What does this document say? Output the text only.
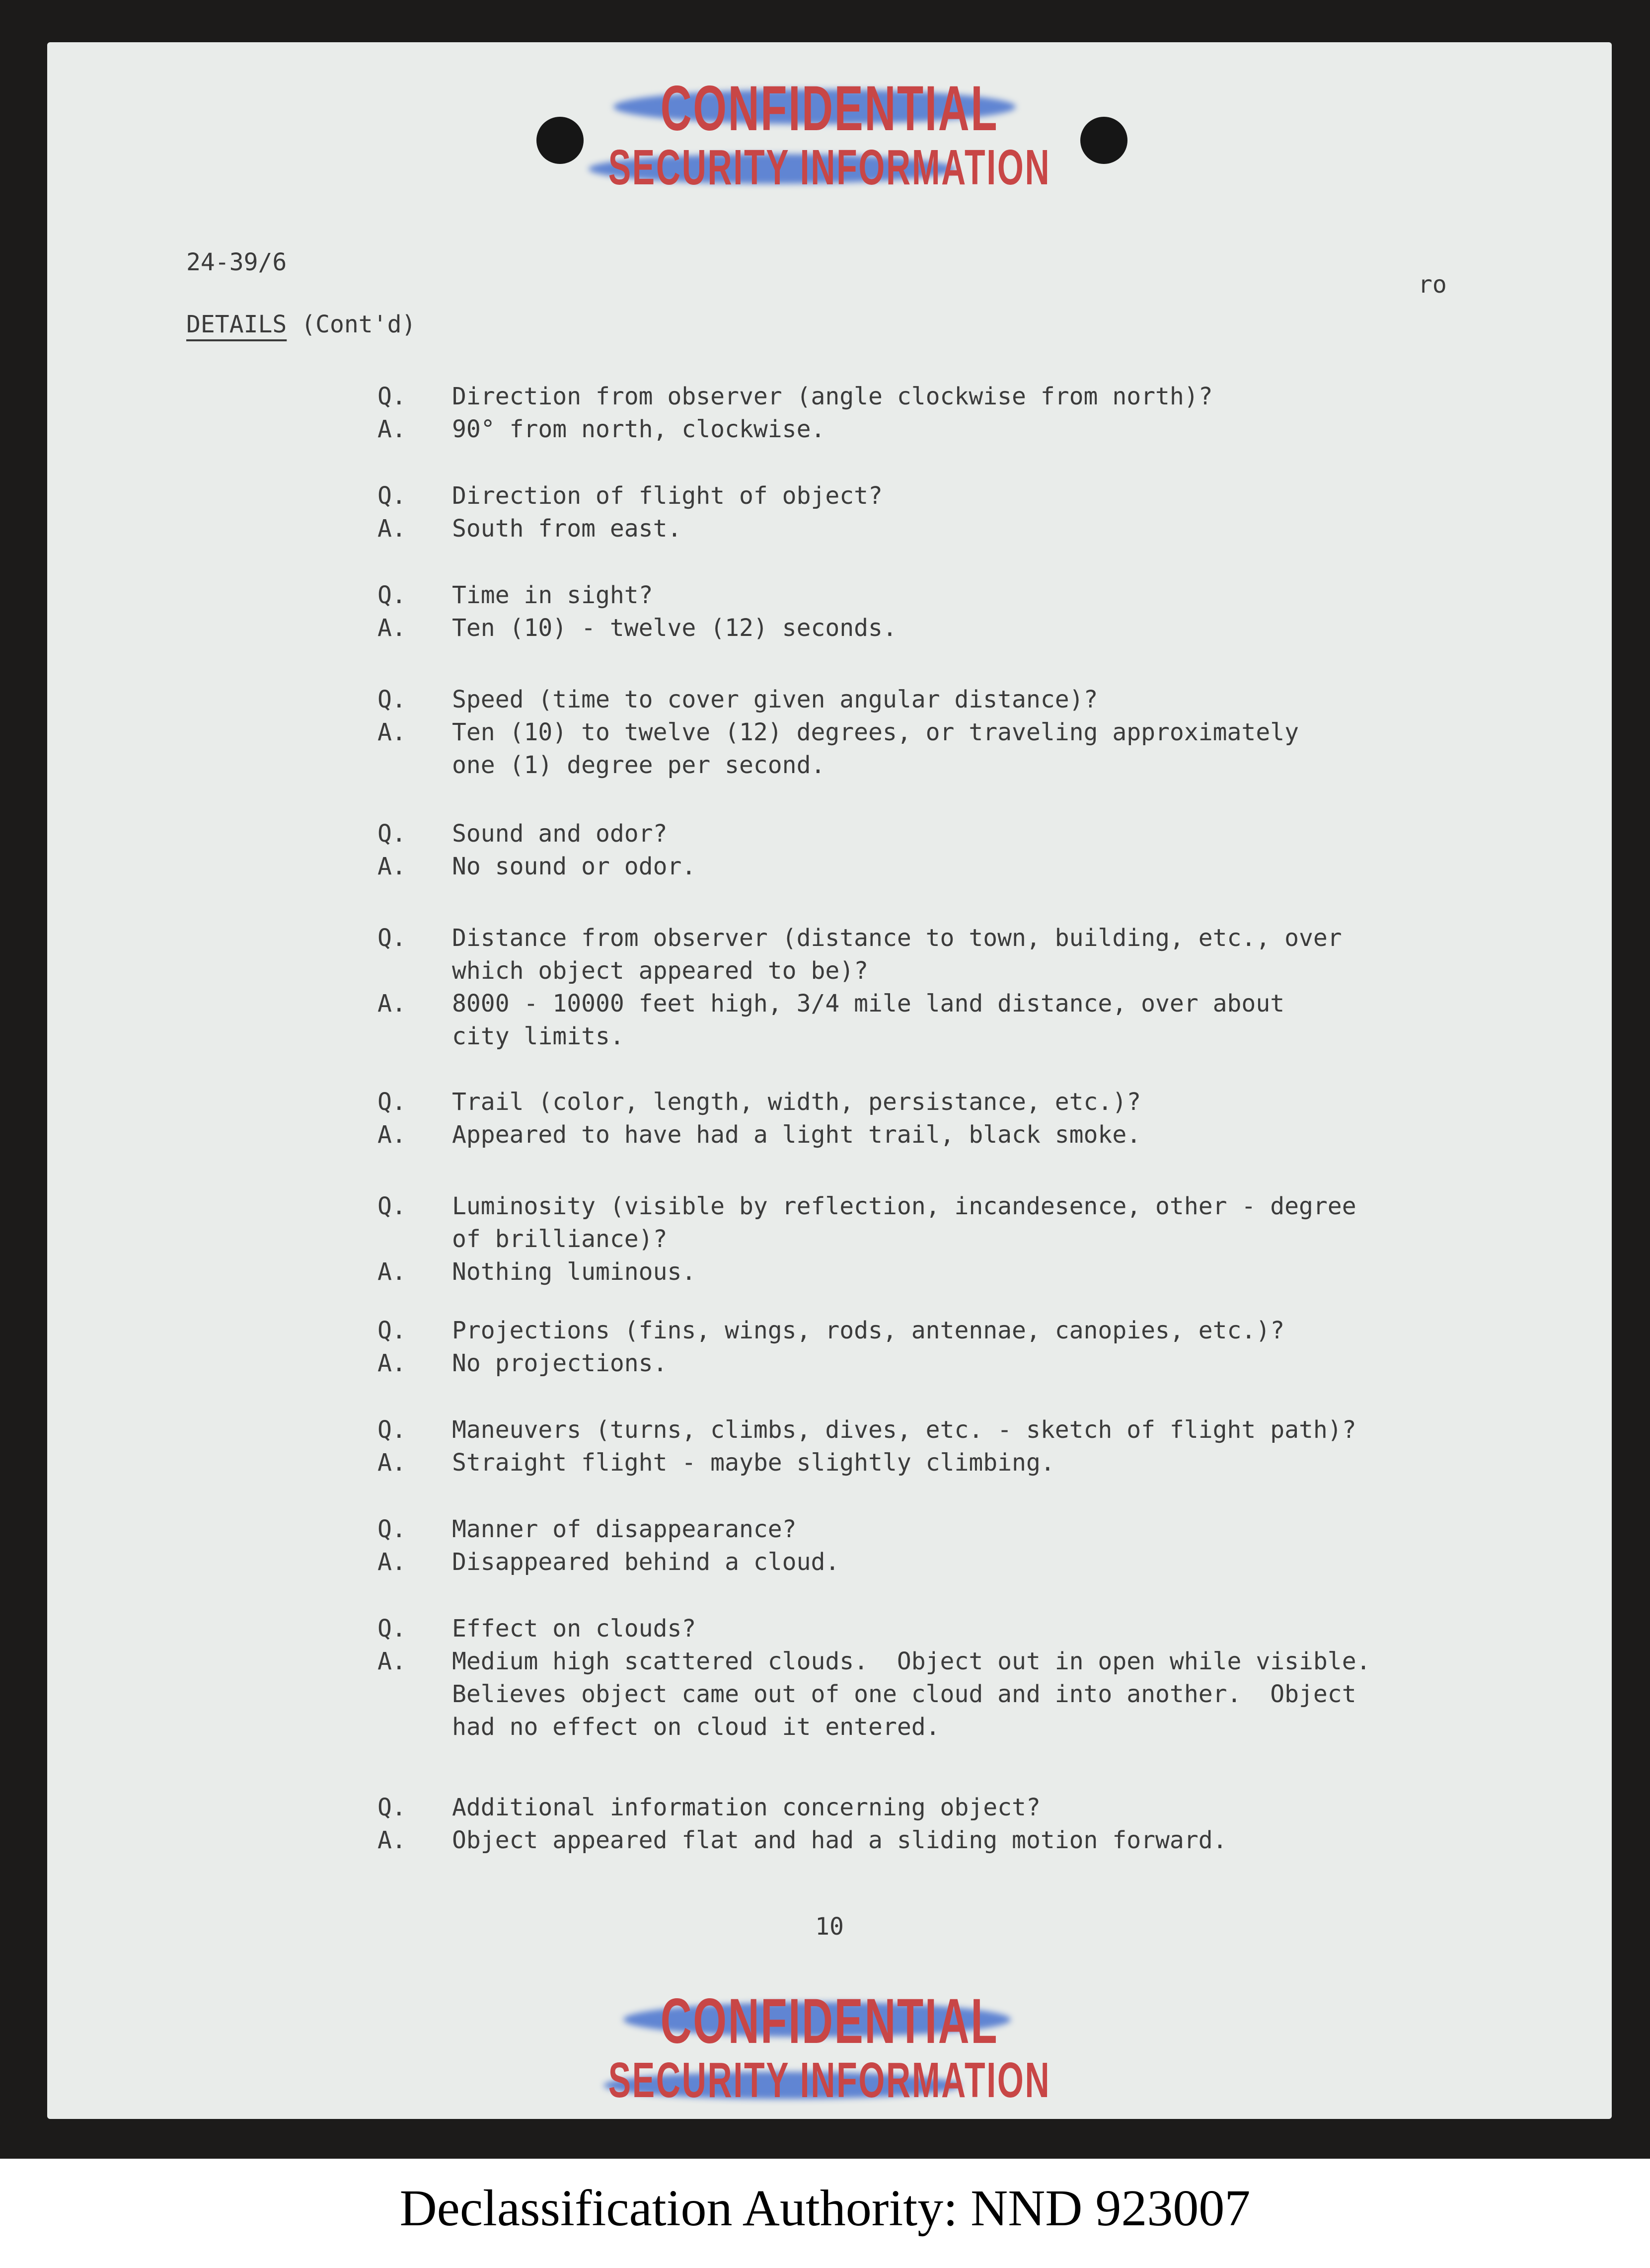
CONFIDENTIAL
SECURITY INFORMATION
24-39/6
ro
DETAILS (Cont'd)
Q. Direction from observer (angle clockwise from north)?
A. 90° from north, clockwise.
Q. Direction of flight of object?
A. South from east.
Q. Time in sight?
A. Ten (10) - twelve (12) seconds.
Q. Speed (time to cover given angular distance)?
A. Ten (10) to twelve (12) degrees, or traveling approximately
one (1) degree per second.
Q. Sound and odor?
A. No sound or odor.
Q. Distance from observer (distance to town, building, etc., over
which object appeared to be)?
A. 8000 - 10000 feet high, 3/4 mile land distance, over about
city limits.
Q. Trail (color, length, width, persistance, etc.)?
A. Appeared to have had a light trail, black smoke.
Q. Luminosity (visible by reflection, incandesence, other - degree
of brilliance)?
A. Nothing luminous.
Q. Projections (fins, wings, rods, antennae, canopies, etc.)?
A. No projections.
Q. Maneuvers (turns, climbs, dives, etc. - sketch of flight path)?
A. Straight flight - maybe slightly climbing.
Q. Manner of disappearance?
A. Disappeared behind a cloud.
Q. Effect on clouds?
A. Medium high scattered clouds.  Object out in open while visible.
Believes object came out of one cloud and into another.  Object
had no effect on cloud it entered.
Q. Additional information concerning object?
A. Object appeared flat and had a sliding motion forward.
10
CONFIDENTIAL
SECURITY INFORMATION
Declassification Authority: NND 923007
